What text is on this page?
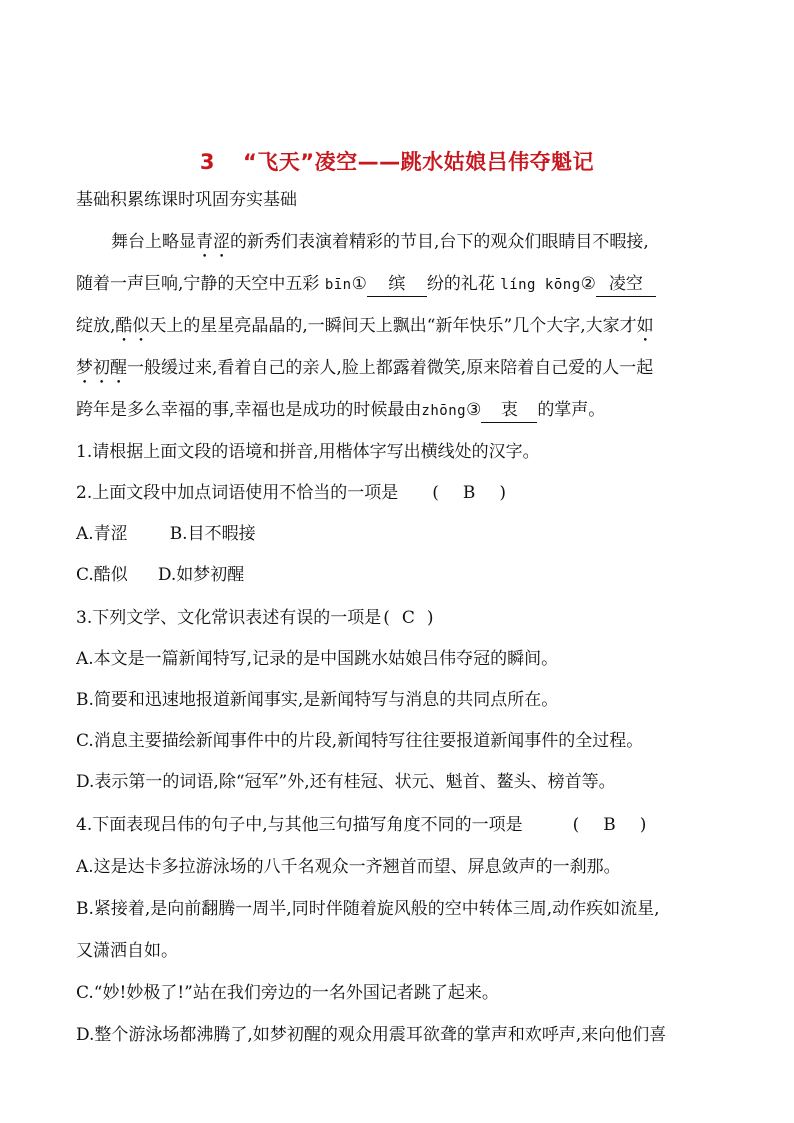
3 “飞天”凌空——跳水姑娘吕伟夺魁记
基础积累练课时巩固夯实基础
舞台上略显青涩的新秀们表演着精彩的节目,台下的观众们眼睛目不暇接,
随着一声巨响,宁静的天空中五彩 bīn① 缤 纷的礼花 líng kōng② 凌空
绽放,酷似天上的星星亮晶晶的,一瞬间天上飘出“新年快乐”几个大字,大家才如
梦初醒一般缓过来,看着自己的亲人,脸上都露着微笑,原来陪着自己爱的人一起
跨年是多么幸福的事,幸福也是成功的时候最由zhōng③ 衷 的掌声。
1.请根据上面文段的语境和拼音,用楷体字写出横线处的汉字。
2.上面文段中加点词语使用不恰当的一项是 ( B )
A.青涩 B.目不暇接
C.酷似 D.如梦初醒
3.下列文学、文化常识表述有误的一项是 ( C )
A.本文是一篇新闻特写,记录的是中国跳水姑娘吕伟夺冠的瞬间。
B.简要和迅速地报道新闻事实,是新闻特写与消息的共同点所在。
C.消息主要描绘新闻事件中的片段,新闻特写往往要报道新闻事件的全过程。
D.表示第一的词语,除“冠军”外,还有桂冠、状元、魁首、鳌头、榜首等。
4.下面表现吕伟的句子中,与其他三句描写角度不同的一项是	( B )
A.这是达卡多拉游泳场的八千名观众一齐翘首而望、屏息敛声的一刹那。
B.紧接着,是向前翻腾一周半,同时伴随着旋风般的空中转体三周,动作疾如流星,
又潇洒自如。
C.“妙!妙极了!”站在我们旁边的一名外国记者跳了起来。
D.整个游泳场都沸腾了,如梦初醒的观众用震耳欲聋的掌声和欢呼声,来向他们喜
